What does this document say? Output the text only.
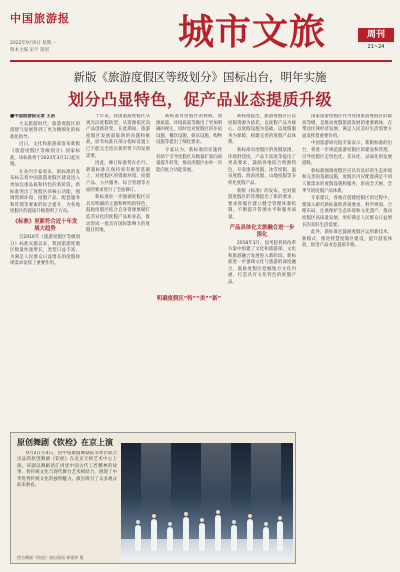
中国旅游报
2022年9月6日 星期一
版本主编 宋宇 策划	城市文旅	周刊
21~24
新版《旅游度假区等级划分》国标出台，明年实施
划分凸显特色，促产品业态提质升级

■中国旅游报记者 王洁

大众旅游时代，旅游度假区的创建与发展得到了更为精细化的标准化指导。

近日，文化和旅游部发布新版《旅游度假区等级划分》国家标准，该标准将于2023年3月1日起实施。

在业内专家看来，新标准的发布标志着中国旅游度假区建设进入更加注重品质和特色的新阶段。新标准突出了度假区的核心功能，强调资源环境、度假产品、配套服务和管理等要素的综合提升，为各地度假区的提质升级指明了方向。

《标准》更新符合近十年发展大趋势

自2010年《旅游度假区等级划分》标准实施以来，我国旅游度假区数量快速增长，类型日益丰富，为满足人民群众日益增长的度假休闲需求发挥了重要作用。

十年来，我国旅游度假区从观光向度假转型，从资源依托向产品创新转变。在此期间，旅游度假区发展面临新的问题和挑战，原有标准在部分指标设置上已不能完全适应新形势下的发展需要。

因此，修订标准势在必行。新版标准在保持原有框架基础上，对度假区的资源环境、度假产品、公共服务、综合管理等方面的要求进行了全面修订。

新标准进一步强调度假区应具有明确的主题和鲜明的特色，鼓励度假区结合自身资源禀赋打造差异化的度假产品和业态，推动形成一批具有国际影响力的度假目的地。

新标准对度假区的规模、资源质量、环境质量等做出了更加明确的规定，同时也对度假区的住宿设施、餐饮设施、娱乐设施、购物设施等提出了细化要求。

专家认为，新标准的实施将有助于引导度假区从数量扩张向质量提升转变，推动度假区由单一功能向复合功能发展。

明确度假区“特”“美”“新”

新标准提出，旅游度假区应以度假资源为依托，以度假产品为核心，以度假设施为基础，以度假服务为保障，构建完善的度假产品体系。

新标准对度假区的度假氛围、环境舒适度、产品丰富度等提出了更高要求，鼓励各地结合资源特色，开发康养度假、冰雪度假、温泉度假、海滨度假、山地度假等多样化度假产品。

新版《标准》的发布，也对旅游度假区的管理提出了新的要求，要求度假区建立健全管理体制机制，不断提升管理水平和服务质量。

产品具体化文旅融合进一步深化

2018年3月，国务院机构改革方案中组建了文化和旅游部，文化和旅游融合发展进入新阶段。新标准进一步强调文化与旅游的深度融合，鼓励度假区挖掘地方文化内涵，打造具有文化特色的度假产品。

国家旅游度假区作为我国旅游度假区的最高等级，是推动度假旅游发展的重要载体，在带动区域经济发展、满足人民美好生活需要方面发挥着重要作用。

中国旅游研究院专家表示，新版标准的出台，将进一步规范旅游度假区的建设和管理，引导度假区走特色化、差异化、品质化的发展道路。

新标准强调度假区应具有良好的生态环境和完善的基础设施，度假区内应配置满足不同人群需求的度假设施和服务，形成全天候、全季节的度假产品体系。

专家建议，各地在创建度假区的过程中，要深入研究新标准的各项要求，科学规划、合理布局，注重保护生态环境和文化遗产，推动度假区高质量发展，更好满足人民群众日益增长的美好生活需要。

此外，新标准还鼓励度假区运用新技术、新模式，推进智慧度假区建设，提升游客体验，促进产品业态提质升级。

原创舞剧《钦栓》在京上演

9月2日至4日，由中国歌剧舞剧院等单位联合出品的原创舞剧《钦栓》在北京天桥艺术中心上演。该剧以舞蹈语汇讲述中国古代工匠精神的故事，将传统文化与现代舞台艺术相结合，展现了中华优秀传统文化的独特魅力。演出吸引了众多观众前来观看。

图为舞剧《钦栓》演出现场 郭建伟 摄
